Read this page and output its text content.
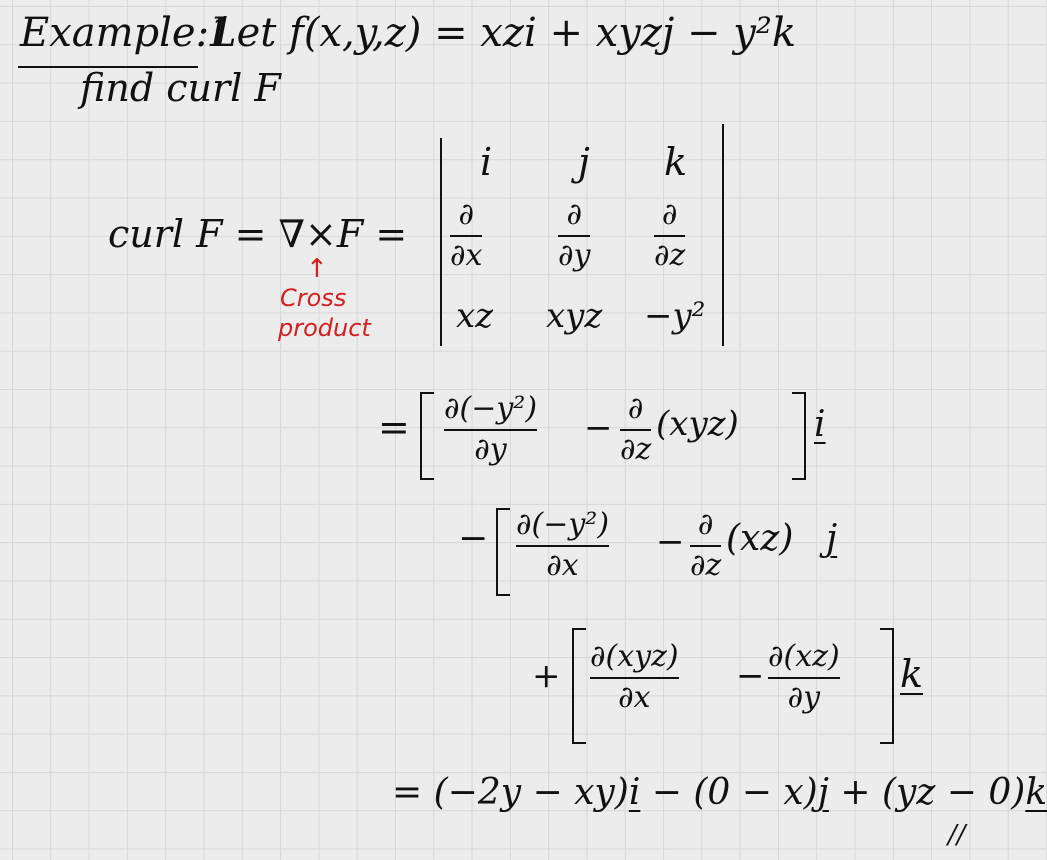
Example:1
Let f(x,y,z) = xzi + xyzj − y²k
find curl F
curl F = ∇×F =
↑
Cross
product
i j k
∂
∂x
∂
∂y
∂
∂z
xz xyz −y²
= ∂(−y²)
∂y
− ∂
∂z
(xyz) i
− ∂(−y²)
∂x
− ∂
∂z
(xz) j
+ ∂(xyz)
∂x
− ∂(xz)
∂y
k
= (−2y − xy)i − (0 − x)j + (yz − 0)k
//
